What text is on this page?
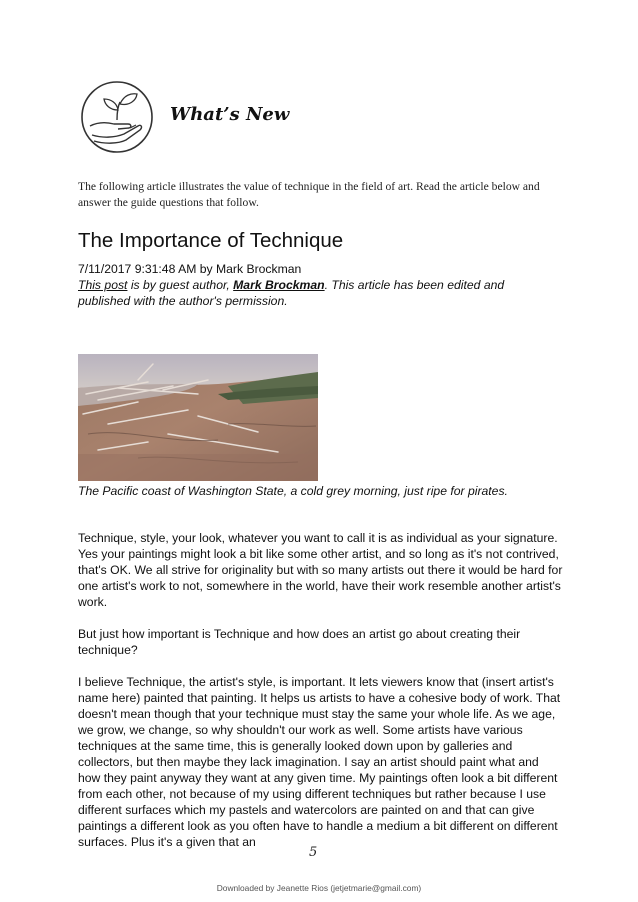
What’s New
The following article illustrates the value of technique in the field of art. Read the article below and answer the guide questions that follow.
The Importance of Technique
7/11/2017 9:31:48 AM by Mark Brockman
This post is by guest author, Mark Brockman. This article has been edited and published with the author's permission.
The Pacific coast of Washington State, a cold grey morning, just ripe for pirates.

Technique, style, your look, whatever you want to call it is as individual as your signature. Yes your paintings might look a bit like some other artist, and so long as it's not contrived, that's OK. We all strive for originality but with so many artists out there it would be hard for one artist's work to not, somewhere in the world, have their work resemble another artist's work.

But just how important is Technique and how does an artist go about creating their technique?

I believe Technique, the artist's style, is important. It lets viewers know that (insert artist's name here) painted that painting. It helps us artists to have a cohesive body of work. That doesn't mean though that your technique must stay the same your whole life. As we age, we grow, we change, so why shouldn't our work as well. Some artists have various techniques at the same time, this is generally looked down upon by galleries and collectors, but then maybe they lack imagination. I say an artist should paint what and how they paint anyway they want at any given time. My paintings often look a bit different from each other, not because of my using different techniques but rather because I use different surfaces which my pastels and watercolors are painted on and that can give paintings a different look as you often have to handle a medium a bit different on different surfaces. Plus it's a given that an

5
Downloaded by Jeanette Rios (jetjetmarie@gmail.com)
